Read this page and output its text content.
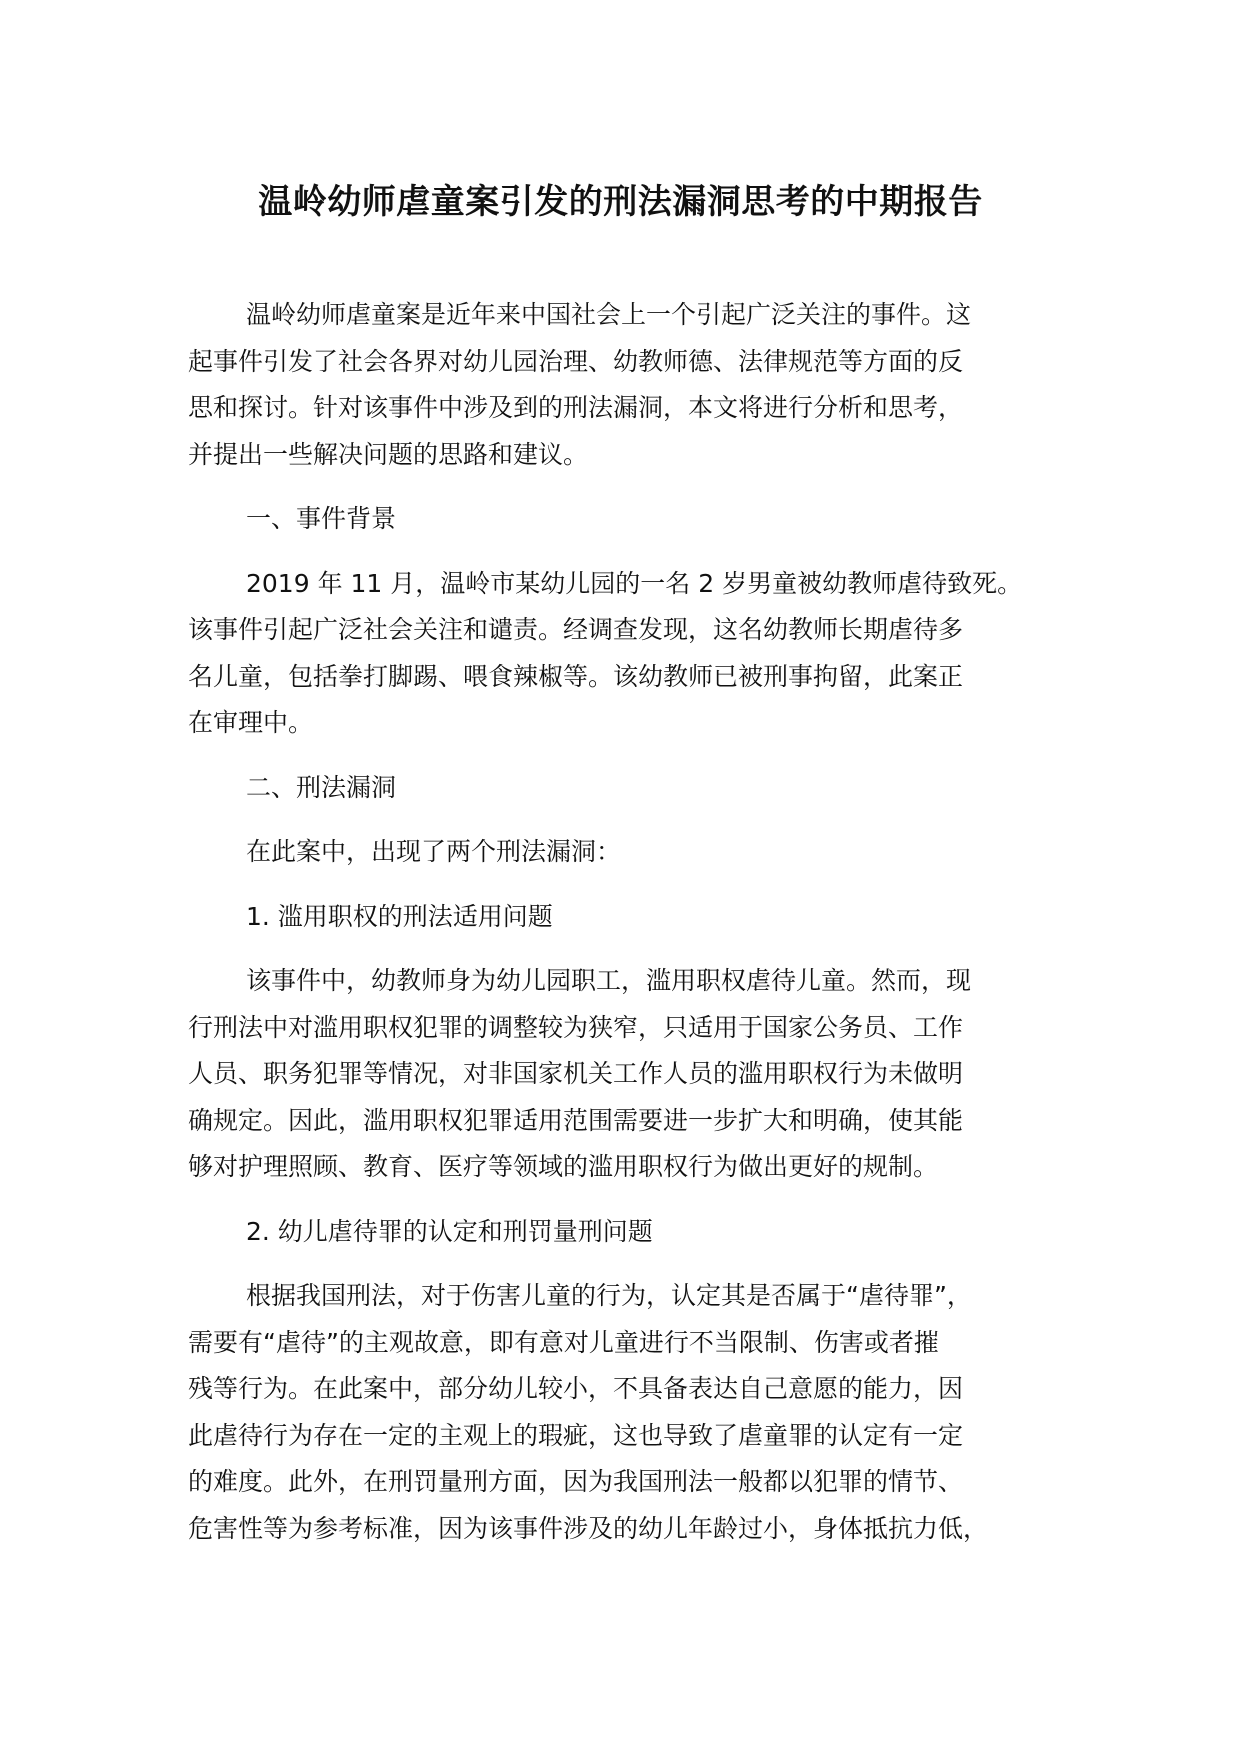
温岭幼师虐童案引发的刑法漏洞思考的中期报告

温岭幼师虐童案是近年来中国社会上一个引起广泛关注的事件。这
起事件引发了社会各界对幼儿园治理、幼教师德、法律规范等方面的反
思和探讨。针对该事件中涉及到的刑法漏洞，本文将进行分析和思考，
并提出一些解决问题的思路和建议。

一、事件背景

2019 年 11 月，温岭市某幼儿园的一名 2 岁男童被幼教师虐待致死。
该事件引起广泛社会关注和谴责。经调查发现，这名幼教师长期虐待多
名儿童，包括拳打脚踢、喂食辣椒等。该幼教师已被刑事拘留，此案正
在审理中。

二、刑法漏洞

在此案中，出现了两个刑法漏洞：

1. 滥用职权的刑法适用问题

该事件中，幼教师身为幼儿园职工，滥用职权虐待儿童。然而，现
行刑法中对滥用职权犯罪的调整较为狭窄，只适用于国家公务员、工作
人员、职务犯罪等情况，对非国家机关工作人员的滥用职权行为未做明
确规定。因此，滥用职权犯罪适用范围需要进一步扩大和明确，使其能
够对护理照顾、教育、医疗等领域的滥用职权行为做出更好的规制。

2. 幼儿虐待罪的认定和刑罚量刑问题

根据我国刑法，对于伤害儿童的行为，认定其是否属于“虐待罪”，
需要有“虐待”的主观故意，即有意对儿童进行不当限制、伤害或者摧
残等行为。在此案中，部分幼儿较小，不具备表达自己意愿的能力，因
此虐待行为存在一定的主观上的瑕疵，这也导致了虐童罪的认定有一定
的难度。此外，在刑罚量刑方面，因为我国刑法一般都以犯罪的情节、
危害性等为参考标准，因为该事件涉及的幼儿年龄过小，身体抵抗力低，
